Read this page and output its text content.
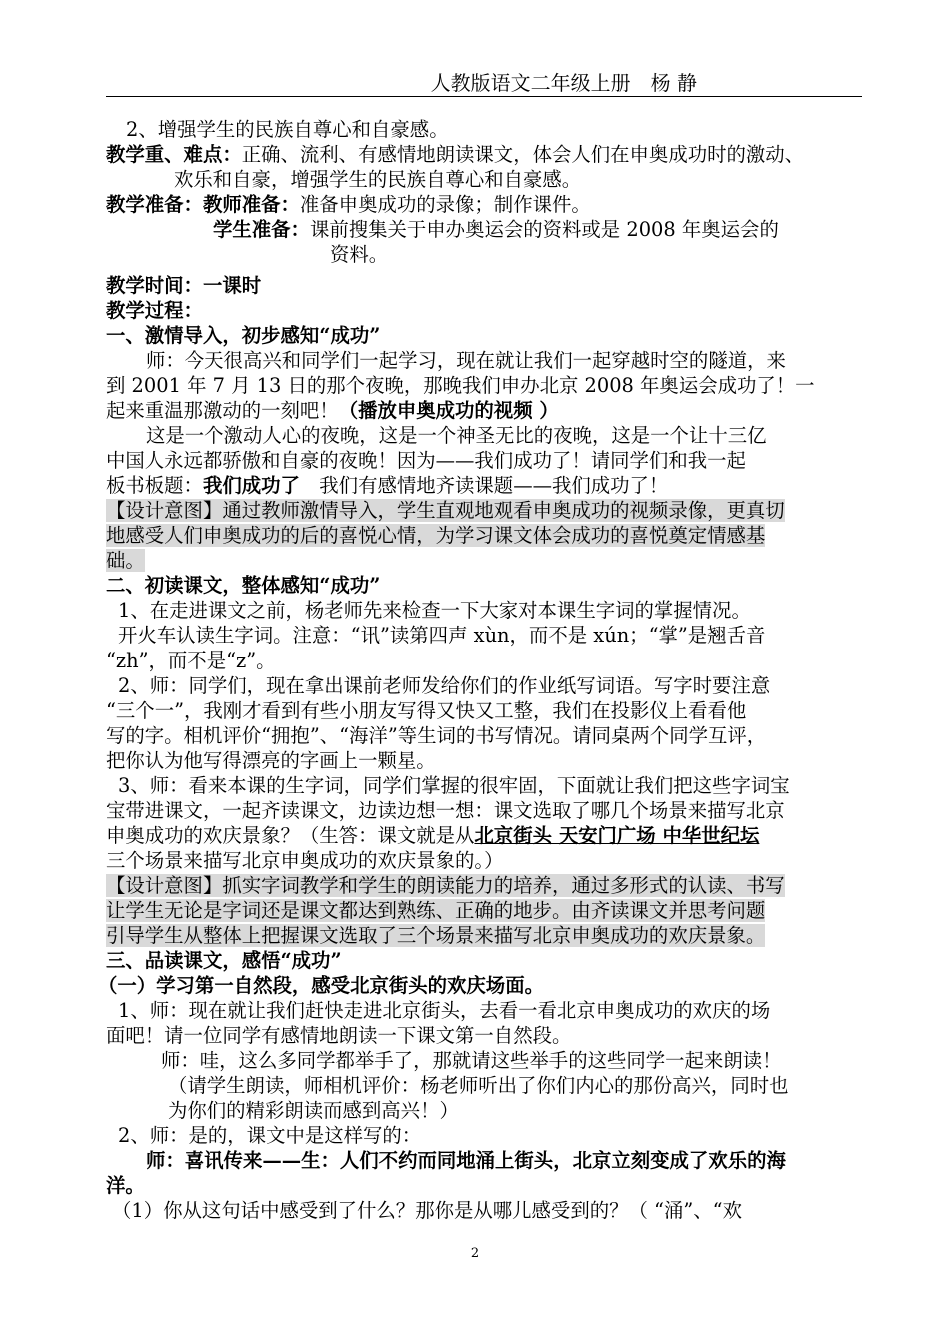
人教版语文二年级上册　杨 静
2、增强学生的民族自尊心和自豪感。
教学重、难点：正确、流利、有感情地朗读课文，体会人们在申奥成功时的激动、
欢乐和自豪，增强学生的民族自尊心和自豪感。
教学准备：教师准备：准备申奥成功的录像；制作课件。
学生准备：课前搜集关于申办奥运会的资料或是 2008 年奥运会的
资料。
教学时间：一课时
教学过程：
一、激情导入，初步感知“成功”
师：今天很高兴和同学们一起学习，现在就让我们一起穿越时空的隧道，来
到 2001 年 7 月 13 日的那个夜晚，那晚我们申办北京 2008 年奥运会成功了！一
起来重温那激动的一刻吧！（播放申奥成功的视频 ）
这是一个激动人心的夜晚，这是一个神圣无比的夜晚，这是一个让十三亿
中国人永远都骄傲和自豪的夜晚！因为——我们成功了！请同学们和我一起
板书板题：我们成功了　我们有感情地齐读课题——我们成功了！
【设计意图】通过教师激情导入，学生直观地观看申奥成功的视频录像，更真切
地感受人们申奥成功的后的喜悦心情，为学习课文体会成功的喜悦奠定情感基
础。
二、初读课文，整体感知“成功”
1、在走进课文之前，杨老师先来检查一下大家对本课生字词的掌握情况。
开火车认读生字词。注意：“讯”读第四声 xùn，而不是 xún；“掌”是翘舌音
“zh”，而不是“z”。
2、师：同学们，现在拿出课前老师发给你们的作业纸写词语。写字时要注意
“三个一”，我刚才看到有些小朋友写得又快又工整，我们在投影仪上看看他
写的字。相机评价“拥抱”、“海洋”等生词的书写情况。请同桌两个同学互评，
把你认为他写得漂亮的字画上一颗星。
3、师：看来本课的生字词，同学们掌握的很牢固，下面就让我们把这些字词宝
宝带进课文，一起齐读课文，边读边想一想：课文选取了哪几个场景来描写北京
申奥成功的欢庆景象？（生答：课文就是从北京街头 天安门广场 中华世纪坛
三个场景来描写北京申奥成功的欢庆景象的。）
【设计意图】抓实字词教学和学生的朗读能力的培养，通过多形式的认读、书写
让学生无论是字词还是课文都达到熟练、正确的地步。由齐读课文并思考问题
引导学生从整体上把握课文选取了三个场景来描写北京申奥成功的欢庆景象。
三、品读课文，感悟“成功”
（一）学习第一自然段，感受北京街头的欢庆场面。
1、师：现在就让我们赶快走进北京街头，去看一看北京申奥成功的欢庆的场
面吧！请一位同学有感情地朗读一下课文第一自然段。
师：哇，这么多同学都举手了，那就请这些举手的这些同学一起来朗读！
（请学生朗读，师相机评价：杨老师听出了你们内心的那份高兴，同时也
为你们的精彩朗读而感到高兴！）
2、师：是的，课文中是这样写的：
师：喜讯传来——生：人们不约而同地涌上街头，北京立刻变成了欢乐的海
洋。
（1）你从这句话中感受到了什么？那你是从哪儿感受到的？（ “涌”、“欢
2
